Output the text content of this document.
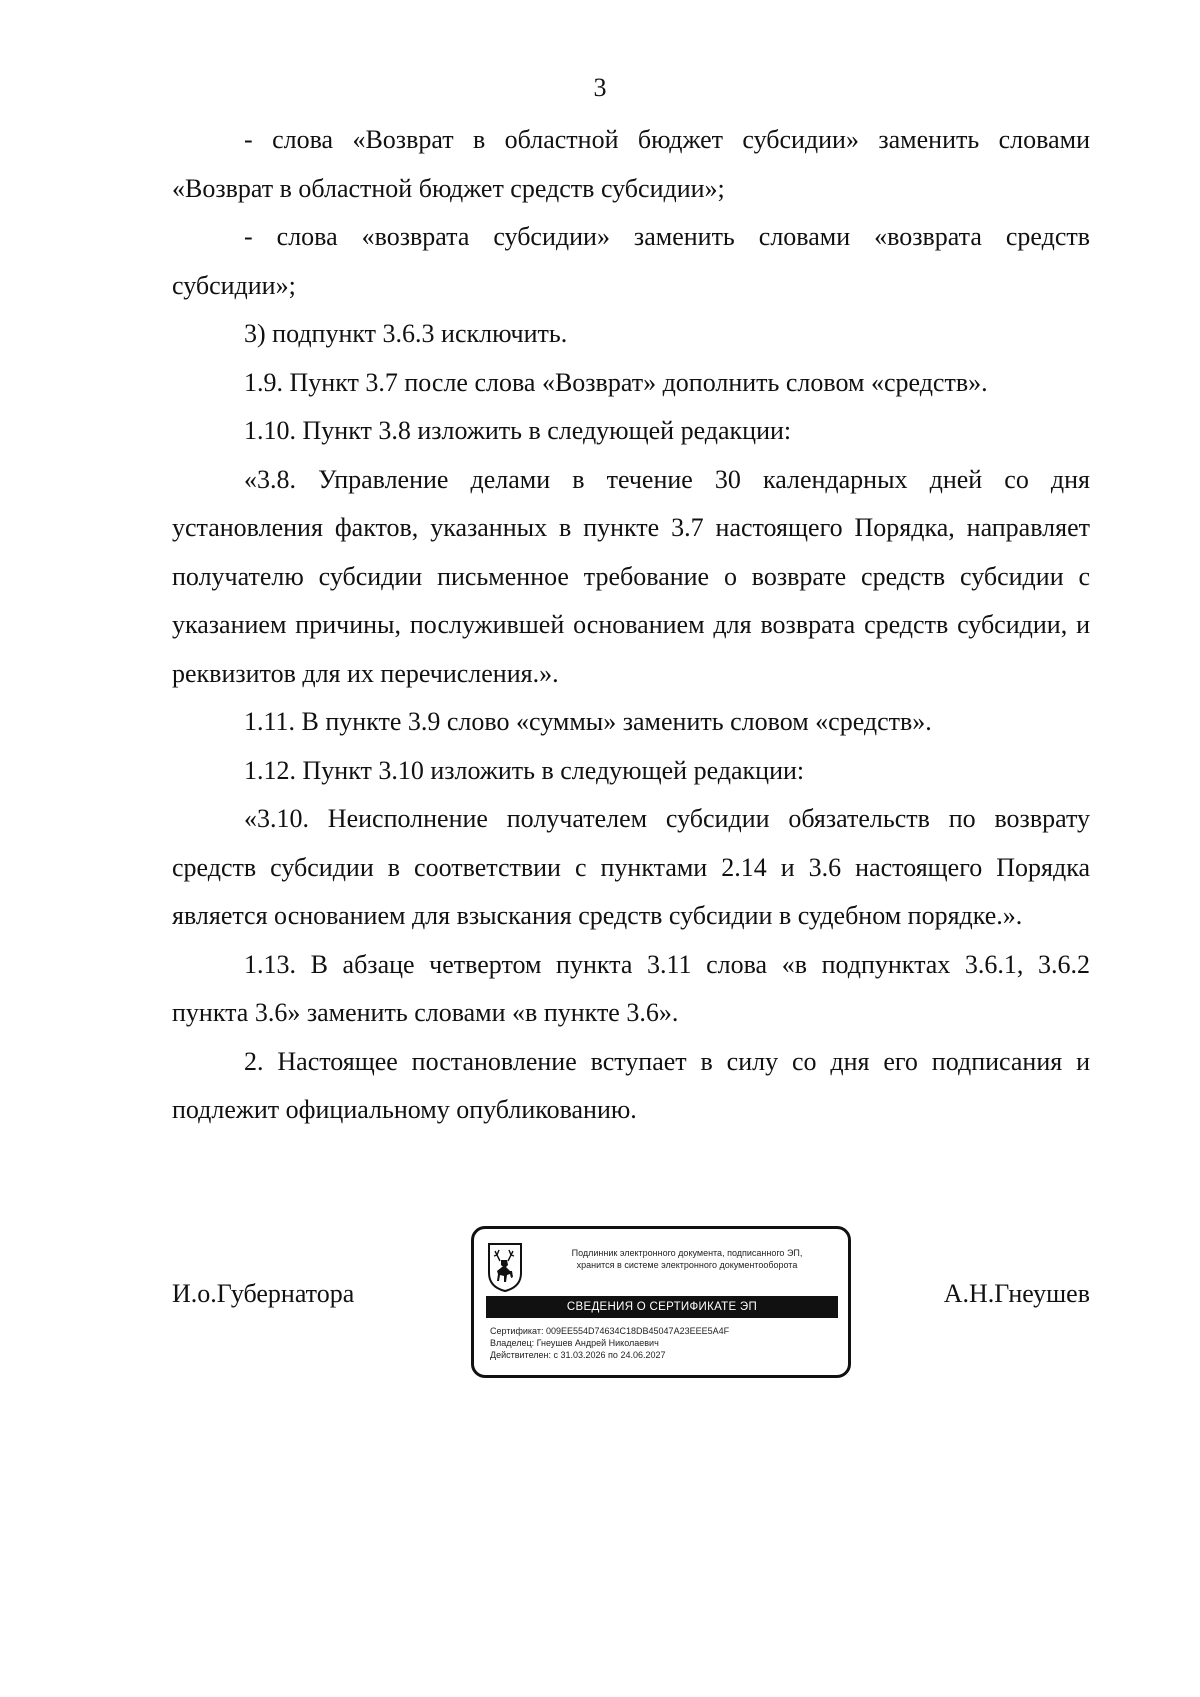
3

- слова «Возврат в областной бюджет субсидии» заменить словами «Возврат в областной бюджет средств субсидии»;

- слова «возврата субсидии» заменить словами «возврата средств субсидии»;

3) подпункт 3.6.3 исключить.

1.9. Пункт 3.7 после слова «Возврат» дополнить словом «средств».

1.10. Пункт 3.8 изложить в следующей редакции:

«3.8. Управление делами в течение 30 календарных дней со дня установления фактов, указанных в пункте 3.7 настоящего Порядка, направляет получателю субсидии письменное требование о возврате средств субсидии с указанием причины, послужившей основанием для возврата средств субсидии, и реквизитов для их перечисления.».

1.11. В пункте 3.9 слово «суммы» заменить словом «средств».

1.12. Пункт 3.10 изложить в следующей редакции:

«3.10. Неисполнение получателем субсидии обязательств по возврату средств субсидии в соответствии с пунктами 2.14 и 3.6 настоящего Порядка является основанием для взыскания средств субсидии в судебном порядке.».

1.13. В абзаце четвертом пункта 3.11 слова «в подпунктах 3.6.1, 3.6.2 пункта 3.6» заменить словами «в пункте 3.6».

2. Настоящее постановление вступает в силу со дня его подписания и подлежит официальному опубликованию.

И.о.Губернатора
Подлинник электронного документа, подписанного ЭП,
хранится в системе электронного документооборота
СВЕДЕНИЯ О СЕРТИФИКАТЕ ЭП
Сертификат: 009EE554D74634C18DB45047A23EEE5A4F
Владелец: Гнеушев Андрей Николаевич
Действителен: с 31.03.2026 по 24.06.2027
А.Н.Гнеушев
